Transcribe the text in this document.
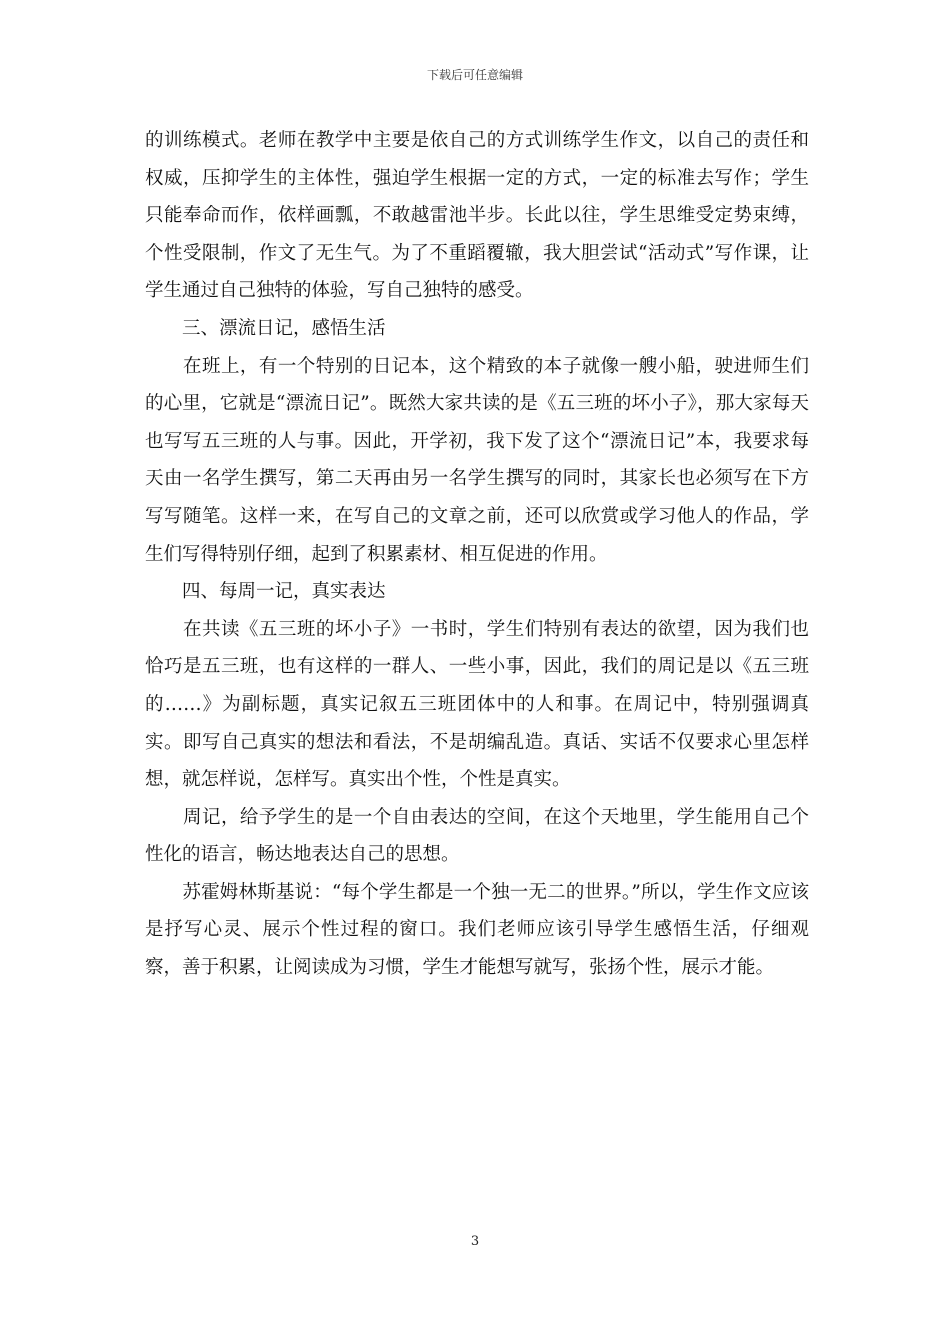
下载后可任意编辑

的训练模式。老师在教学中主要是依自己的方式训练学生作文，以自己的责任和权威，压抑学生的主体性，强迫学生根据一定的方式，一定的标准去写作；学生只能奉命而作，依样画瓢，不敢越雷池半步。长此以往，学生思维受定势束缚，个性受限制，作文了无生气。为了不重蹈覆辙，我大胆尝试“活动式”写作课，让学生通过自己独特的体验，写自己独特的感受。

　　三、漂流日记，感悟生活

　　在班上，有一个特别的日记本，这个精致的本子就像一艘小船，驶进师生们的心里，它就是“漂流日记”。既然大家共读的是《五三班的坏小子》，那大家每天也写写五三班的人与事。因此，开学初，我下发了这个“漂流日记”本，我要求每天由一名学生撰写，第二天再由另一名学生撰写的同时，其家长也必须写在下方写写随笔。这样一来，在写自己的文章之前，还可以欣赏或学习他人的作品，学生们写得特别仔细，起到了积累素材、相互促进的作用。

　　四、每周一记，真实表达

　　在共读《五三班的坏小子》一书时，学生们特别有表达的欲望，因为我们也恰巧是五三班，也有这样的一群人、一些小事，因此，我们的周记是以《五三班的……》为副标题，真实记叙五三班团体中的人和事。在周记中，特别强调真实。即写自己真实的想法和看法，不是胡编乱造。真话、实话不仅要求心里怎样想，就怎样说，怎样写。真实出个性，个性是真实。

　　周记，给予学生的是一个自由表达的空间，在这个天地里，学生能用自己个性化的语言，畅达地表达自己的思想。

　　苏霍姆林斯基说：“每个学生都是一个独一无二的世界。”所以，学生作文应该是抒写心灵、展示个性过程的窗口。我们老师应该引导学生感悟生活，仔细观察，善于积累，让阅读成为习惯，学生才能想写就写，张扬个性，展示才能。

3
